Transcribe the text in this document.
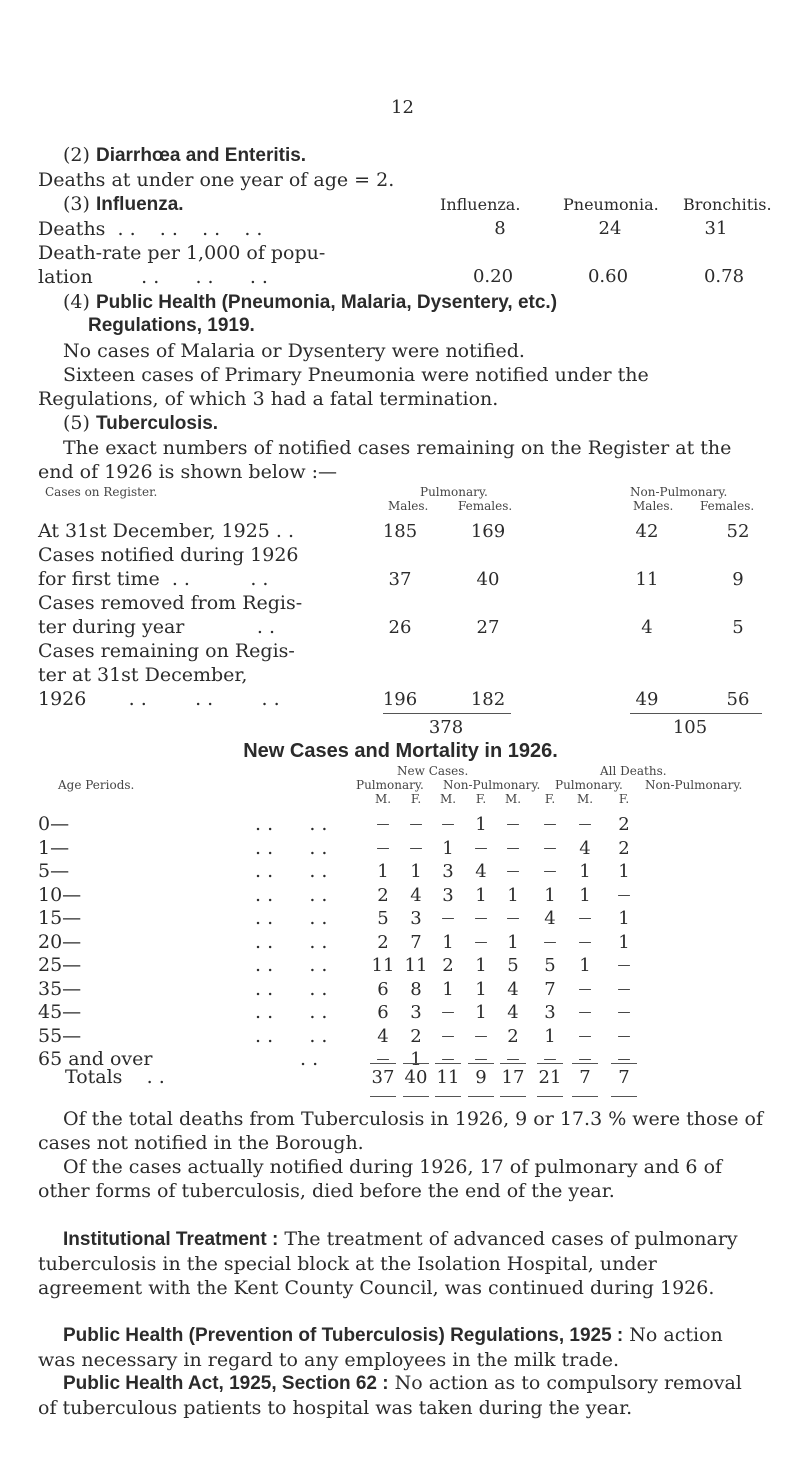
12
(2) Diarrhœa and Enteritis.
Deaths at under one year of age = 2.
(3) Influenza.	Influenza.	Pneumonia. Bronchitis.
Deaths  . .    . .    . .    . .	8	24	31
Death-rate per 1,000 of popu-
lation        . .      . .      . .	0.20	0.60	0.78
(4) Public Health (Pneumonia, Malaria, Dysentery, etc.)
Regulations, 1919.
No cases of Malaria or Dysentery were notified.
Sixteen cases of Primary Pneumonia were notified under the Regulations, of which 3 had a fatal termination.
(5) Tuberculosis.
The exact numbers of notified cases remaining on the Register at the end of 1926 is shown below :—
Cases on Register.	Pulmonary.	Non-Pulmonary.
Males. Females.	Males. Females.
At 31st December, 1925 . .	185	169	42	52
Cases notified during 1926
for first time  . .          . .	37	40	11	9
Cases removed from Regis-
ter during year            . .	26	27	4	5
Cases remaining on Regis-
ter at 31st December,
1926       . .        . .        . .	196	182	49	56
378	105
New Cases and Mortality in 1926.
New Cases.	All Deaths.
Age Periods.	Pulmonary. Non-Pulmonary. Pulmonary. Non-Pulmonary.
M.	F.	M.	F.	M.	F.	M.	F.
0—	. .      . .	—	—	—	1	—	—	—	2
1—	. .      . .	—	—	1	—	—	—	4	2
5—	. .      . .	1	1	3	4	—	—	1	1
10—	. .      . .	2	4	3	1	1	1	1	—
15—	. .      . .	5	3	—	—	—	4	—	1
20—	. .      . .	2	7	1	—	1	—	—	1
25—	. .      . . 11 11 2	1	5	5	1	—
35—	. .      . .	6	8	1	1	4	7	—	—
45—	. .      . .	6	3	—	1	4	3	—	—
55—	. .      . .	4	2	—	—	2	1	—	—
65 and over	. .	—	1	—	—	—	—	—	—
Totals . .	37 40 11 9 17 21 7	7
Of the total deaths from Tuberculosis in 1926, 9 or 17.3 % were those of cases not notified in the Borough.
Of the cases actually notified during 1926, 17 of pulmonary and 6 of other forms of tuberculosis, died before the end of the year.
Institutional Treatment : The treatment of advanced cases of pulmonary tuberculosis in the special block at the Isolation Hospital, under agreement with the Kent County Council, was continued during 1926.
Public Health (Prevention of Tuberculosis) Regulations, 1925 : No action was necessary in regard to any employees in the milk trade.
Public Health Act, 1925, Section 62 : No action as to compulsory removal of tuberculous patients to hospital was taken during the year.
